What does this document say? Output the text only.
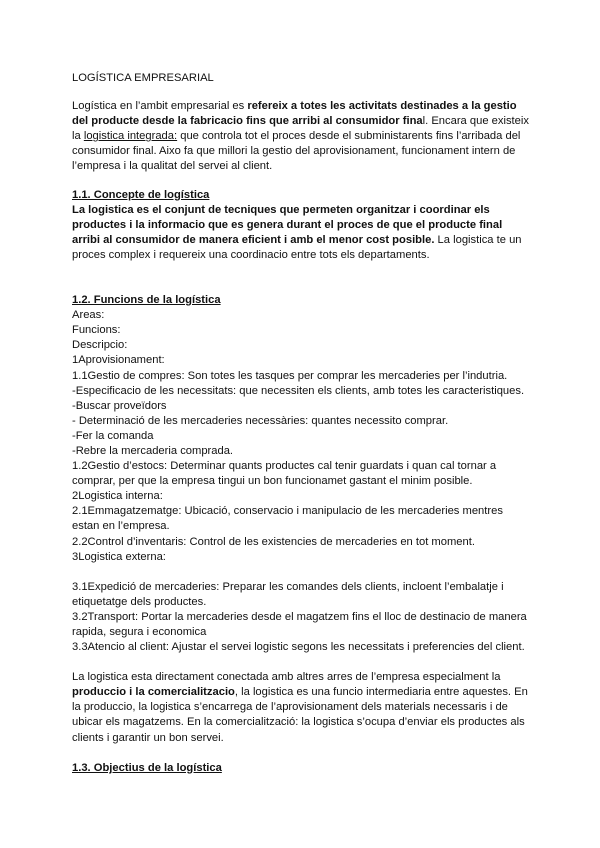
LOGÍSTICA EMPRESARIAL

Logística en l’ambit empresarial es refereix a totes les activitats destinades a la gestio del producte desde la fabricacio fins que arribi al consumidor final. Encara que existeix la logistica integrada: que controla tot el proces desde el subministarents fins l’arribada del consumidor final. Aixo fa que millori la gestio del aprovisionament, funcionament intern de l’empresa i la qualitat del servei al client.

1.1. Concepte de logística

La logistica es el conjunt de tecniques que permeten organitzar i coordinar els productes i la informacio que es genera durant el proces de que el producte final arribi al consumidor de manera eficient i amb el menor cost posible. La logistica te un proces complex i requereix una coordinacio entre tots els departaments.

1.2. Funcions de la logística

Areas:

Funcions:

Descripcio:

1Aprovisionament:

1.1Gestio de compres: Son totes les tasques per comprar les mercaderies per l’indutria.

-Especificacio de les necessitats: que necessiten els clients, amb totes les caracteristiques.

-Buscar proveïdors

- Determinació de les mercaderies necessàries: quantes necessito comprar.

-Fer la comanda

-Rebre la mercaderia comprada.

1.2Gestio d’estocs: Determinar quants productes cal tenir guardats i quan cal tornar a comprar, per que la empresa tingui un bon funcionamet gastant el minim posible.

2Logistica interna:

2.1Emmagatzematge: Ubicació, conservacio i manipulacio de les mercaderies mentres estan en l’empresa.

2.2Control d’inventaris: Control de les existencies de mercaderies en tot moment.

3Logistica externa:

3.1Expedició de mercaderies: Preparar les comandes dels clients, incloent l’embalatje i etiquetatge dels productes.

3.2Transport: Portar la mercaderies desde el magatzem fins el lloc de destinacio de manera rapida, segura i economica

3.3Atencio al client: Ajustar el servei logistic segons les necessitats i preferencies del client.

La logistica esta directament conectada amb altres arres de l’empresa especialment la produccio i la comercialitzacio, la logistica es una funcio intermediaria entre aquestes. En la produccio, la logistica s’encarrega de l’aprovisionament dels materials necessaris i de ubicar els magatzems. En la comercialització: la logistica s’ocupa d’enviar els productes als clients i garantir un bon servei.

1.3. Objectius de la logística
